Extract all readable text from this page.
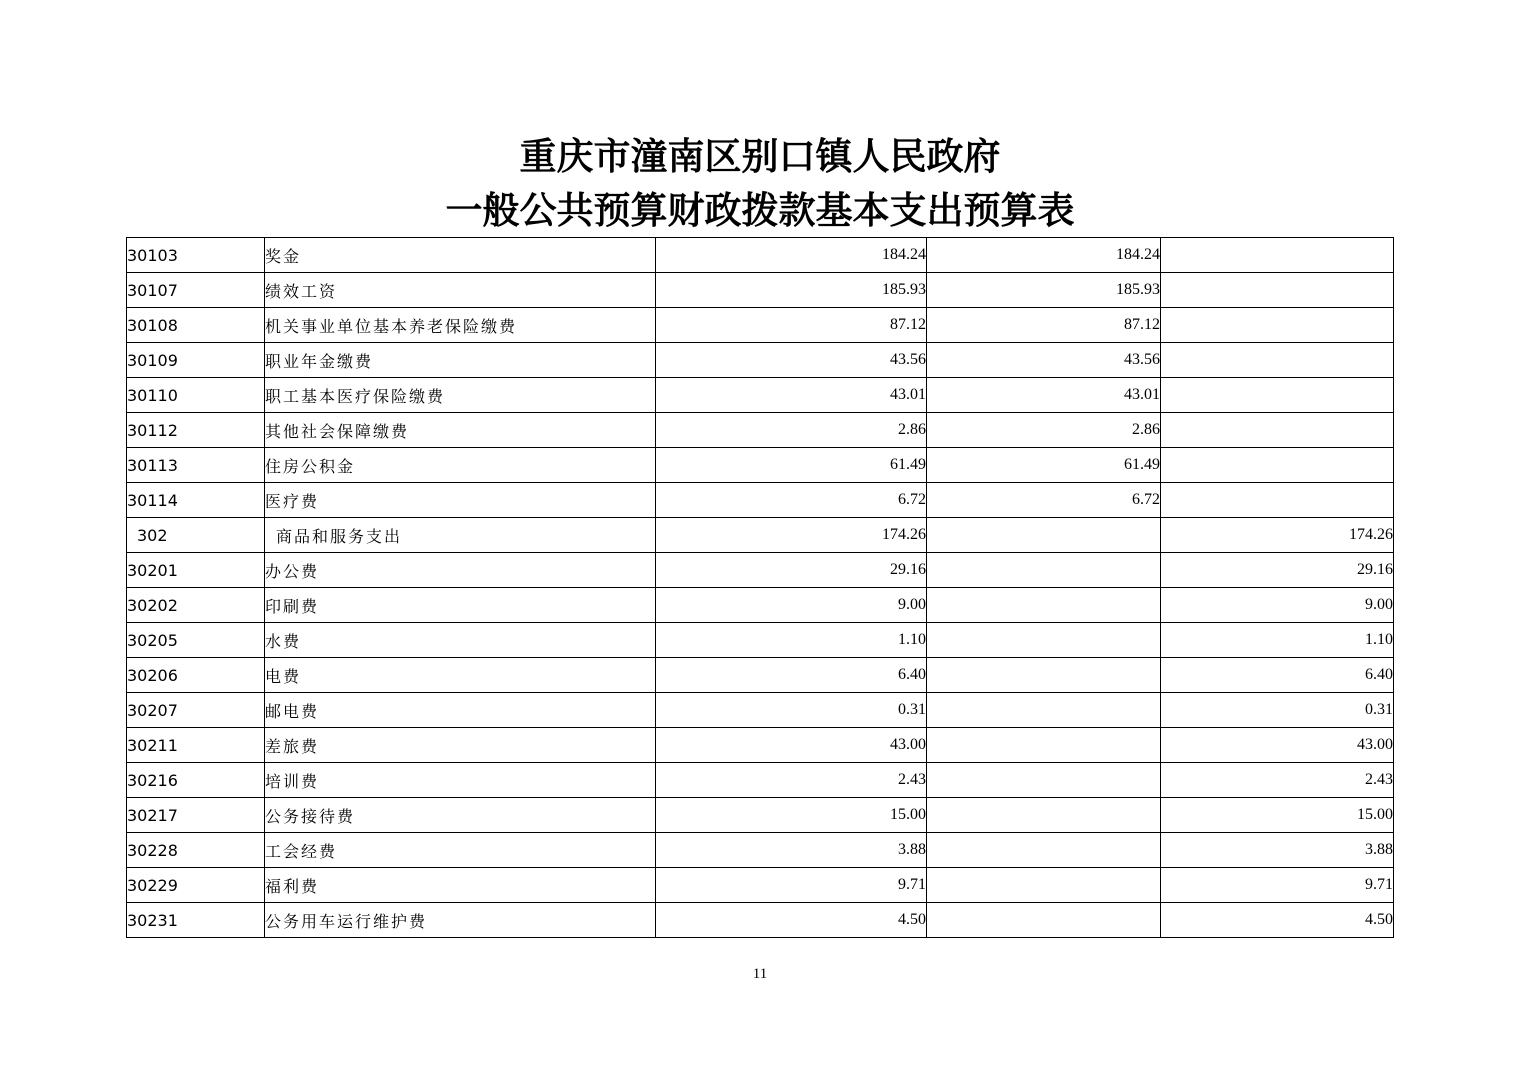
重庆市潼南区别口镇人民政府
一般公共预算财政拨款基本支出预算表
30103	奖金	184.24	184.24	
30107	绩效工资	185.93	185.93	
30108	机关事业单位基本养老保险缴费	87.12	87.12	
30109	职业年金缴费	43.56	43.56	
30110	职工基本医疗保险缴费	43.01	43.01	
30112	其他社会保障缴费	2.86	2.86	
30113	住房公积金	61.49	61.49	
30114	医疗费	6.72	6.72	
302	商品和服务支出	174.26		174.26
30201	办公费	29.16		29.16
30202	印刷费	9.00		9.00
30205	水费	1.10		1.10
30206	电费	6.40		6.40
30207	邮电费	0.31		0.31
30211	差旅费	43.00		43.00
30216	培训费	2.43		2.43
30217	公务接待费	15.00		15.00
30228	工会经费	3.88		3.88
30229	福利费	9.71		9.71
30231	公务用车运行维护费	4.50		4.50
11
